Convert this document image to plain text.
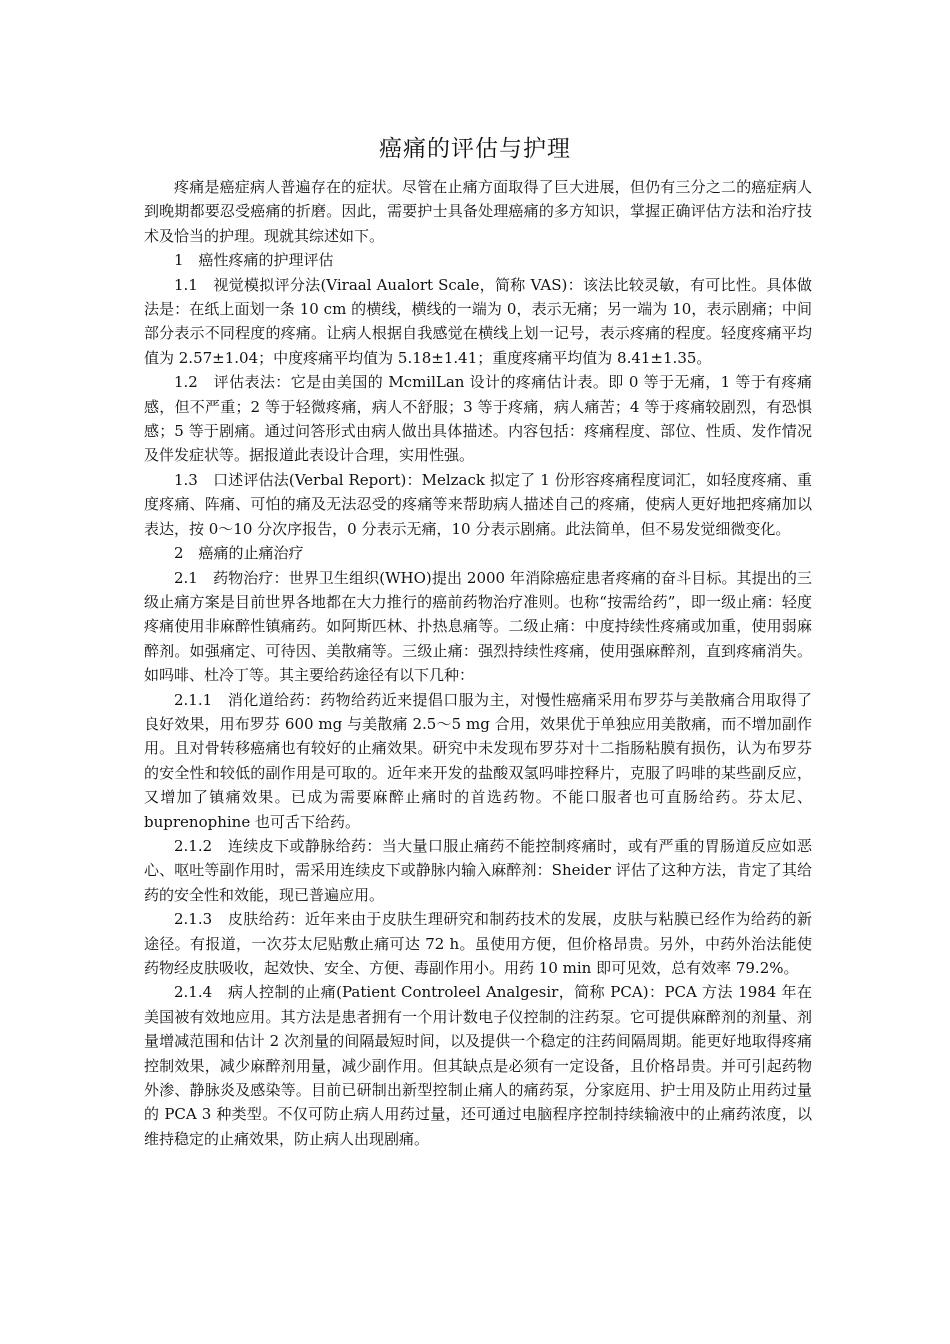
癌痛的评估与护理

疼痛是癌症病人普遍存在的症状。尽管在止痛方面取得了巨大进展，但仍有三分之二的癌症病人到晚期都要忍受癌痛的折磨。因此，需要护士具备处理癌痛的多方知识，掌握正确评估方法和治疗技术及恰当的护理。现就其综述如下。

1　癌性疼痛的护理评估

1.1　视觉模拟评分法(Viraal Aualort Scale，简称 VAS)：该法比较灵敏，有可比性。具体做法是：在纸上面划一条 10 cm 的横线，横线的一端为 0，表示无痛；另一端为 10，表示剧痛；中间部分表示不同程度的疼痛。让病人根据自我感觉在横线上划一记号，表示疼痛的程度。轻度疼痛平均值为 2.57±1.04；中度疼痛平均值为 5.18±1.41；重度疼痛平均值为 8.41±1.35。

1.2　评估表法：它是由美国的 McmilLan 设计的疼痛估计表。即 0 等于无痛，1 等于有疼痛感，但不严重；2 等于轻微疼痛，病人不舒服；3 等于疼痛，病人痛苦；4 等于疼痛较剧烈，有恐惧感；5 等于剧痛。通过问答形式由病人做出具体描述。内容包括：疼痛程度、部位、性质、发作情况及伴发症状等。据报道此表设计合理，实用性强。

1.3　口述评估法(Verbal Report)：Melzack 拟定了 1 份形容疼痛程度词汇，如轻度疼痛、重度疼痛、阵痛、可怕的痛及无法忍受的疼痛等来帮助病人描述自己的疼痛，使病人更好地把疼痛加以表达，按 0～10 分次序报告，0 分表示无痛，10 分表示剧痛。此法简单，但不易发觉细微变化。

2　癌痛的止痛治疗

2.1　药物治疗：世界卫生组织(WHO)提出 2000 年消除癌症患者疼痛的奋斗目标。其提出的三级止痛方案是目前世界各地都在大力推行的癌前药物治疗准则。也称“按需给药”，即一级止痛：轻度疼痛使用非麻醉性镇痛药。如阿斯匹林、扑热息痛等。二级止痛：中度持续性疼痛或加重，使用弱麻醉剂。如强痛定、可待因、美散痛等。三级止痛：强烈持续性疼痛，使用强麻醉剂，直到疼痛消失。如吗啡、杜冷丁等。其主要给药途径有以下几种：

2.1.1　消化道给药：药物给药近来提倡口服为主，对慢性癌痛采用布罗芬与美散痛合用取得了良好效果，用布罗芬 600 mg 与美散痛 2.5～5 mg 合用，效果优于单独应用美散痛，而不增加副作用。且对骨转移癌痛也有较好的止痛效果。研究中未发现布罗芬对十二指肠粘膜有损伤，认为布罗芬的安全性和较低的副作用是可取的。近年来开发的盐酸双氢吗啡控释片，克服了吗啡的某些副反应，又增加了镇痛效果。已成为需要麻醉止痛时的首选药物。不能口服者也可直肠给药。芬太尼、buprenophine 也可舌下给药。

2.1.2　连续皮下或静脉给药：当大量口服止痛药不能控制疼痛时，或有严重的胃肠道反应如恶心、呕吐等副作用时，需采用连续皮下或静脉内输入麻醉剂：Sheider 评估了这种方法，肯定了其给药的安全性和效能，现已普遍应用。

2.1.3　皮肤给药：近年来由于皮肤生理研究和制药技术的发展，皮肤与粘膜已经作为给药的新途径。有报道，一次芬太尼贴敷止痛可达 72 h。虽使用方便，但价格昂贵。另外，中药外治法能使药物经皮肤吸收，起效快、安全、方便、毒副作用小。用药 10 min 即可见效，总有效率 79.2%。

2.1.4　病人控制的止痛(Patient Controleel Analgesir，简称 PCA)：PCA 方法 1984 年在美国被有效地应用。其方法是患者拥有一个用计数电子仪控制的注药泵。它可提供麻醉剂的剂量、剂量增减范围和估计 2 次剂量的间隔最短时间，以及提供一个稳定的注药间隔周期。能更好地取得疼痛控制效果，减少麻醉剂用量，减少副作用。但其缺点是必须有一定设备，且价格昂贵。并可引起药物外渗、静脉炎及感染等。目前已研制出新型控制止痛人的痛药泵，分家庭用、护士用及防止用药过量的 PCA 3 种类型。不仅可防止病人用药过量，还可通过电脑程序控制持续输液中的止痛药浓度，以维持稳定的止痛效果，防止病人出现剧痛。
